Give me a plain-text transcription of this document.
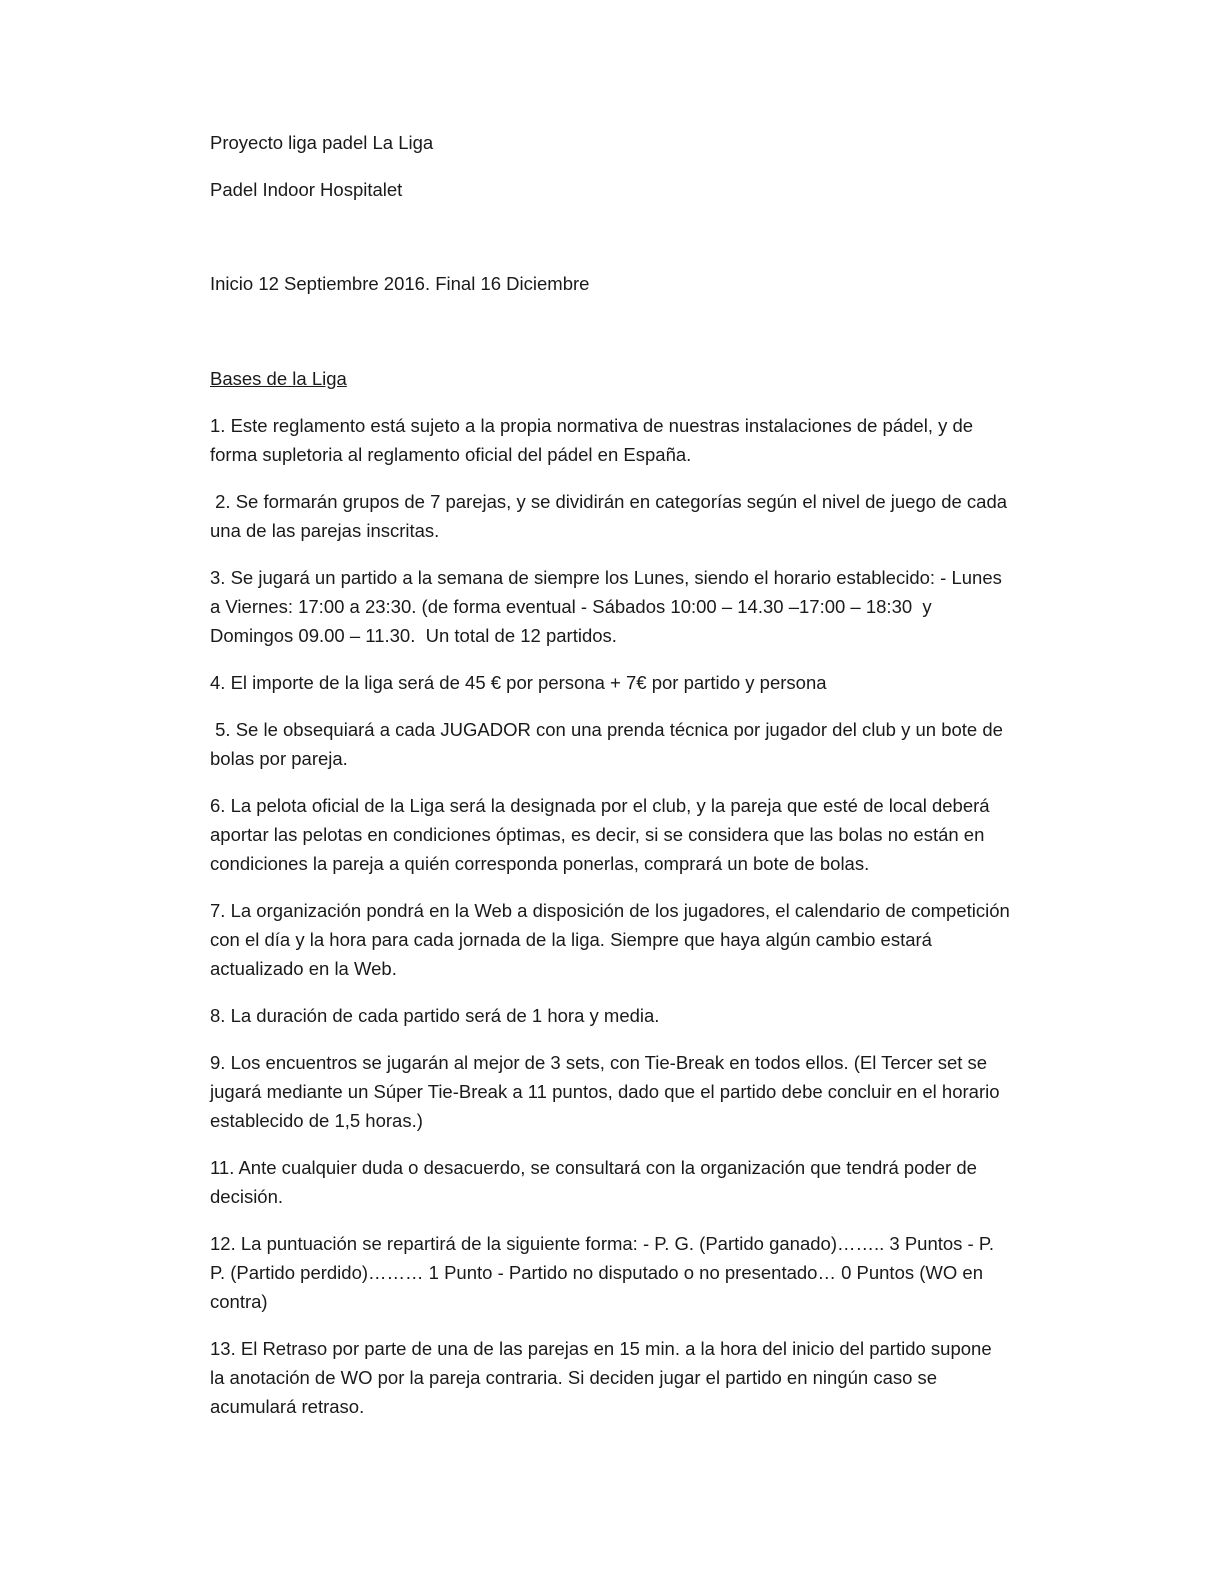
Proyecto liga padel La Liga

Padel Indoor Hospitalet

Inicio 12 Septiembre 2016. Final 16 Diciembre

Bases de la Liga

1. Este reglamento está sujeto a la propia normativa de nuestras instalaciones de pádel, y de forma supletoria al reglamento oficial del pádel en España.

2. Se formarán grupos de 7 parejas, y se dividirán en categorías según el nivel de juego de cada una de las parejas inscritas.

3. Se jugará un partido a la semana de siempre los Lunes, siendo el horario establecido: - Lunes a Viernes: 17:00 a 23:30. (de forma eventual - Sábados 10:00 – 14.30 –17:00 – 18:30  y Domingos 09.00 – 11.30.  Un total de 12 partidos.

4. El importe de la liga será de 45 € por persona + 7€ por partido y persona

5. Se le obsequiará a cada JUGADOR con una prenda técnica por jugador del club y un bote de bolas por pareja.

6. La pelota oficial de la Liga será la designada por el club, y la pareja que esté de local deberá aportar las pelotas en condiciones óptimas, es decir, si se considera que las bolas no están en condiciones la pareja a quién corresponda ponerlas, comprará un bote de bolas.

7. La organización pondrá en la Web a disposición de los jugadores, el calendario de competición con el día y la hora para cada jornada de la liga. Siempre que haya algún cambio estará actualizado en la Web.

8. La duración de cada partido será de 1 hora y media.

9. Los encuentros se jugarán al mejor de 3 sets, con Tie-Break en todos ellos. (El Tercer set se jugará mediante un Súper Tie-Break a 11 puntos, dado que el partido debe concluir en el horario establecido de 1,5 horas.)

11. Ante cualquier duda o desacuerdo, se consultará con la organización que tendrá poder de decisión.

12. La puntuación se repartirá de la siguiente forma: - P. G. (Partido ganado)…….. 3 Puntos - P. P. (Partido perdido)……… 1 Punto - Partido no disputado o no presentado… 0 Puntos (WO en contra)

13. El Retraso por parte de una de las parejas en 15 min. a la hora del inicio del partido supone la anotación de WO por la pareja contraria. Si deciden jugar el partido en ningún caso se acumulará retraso.
